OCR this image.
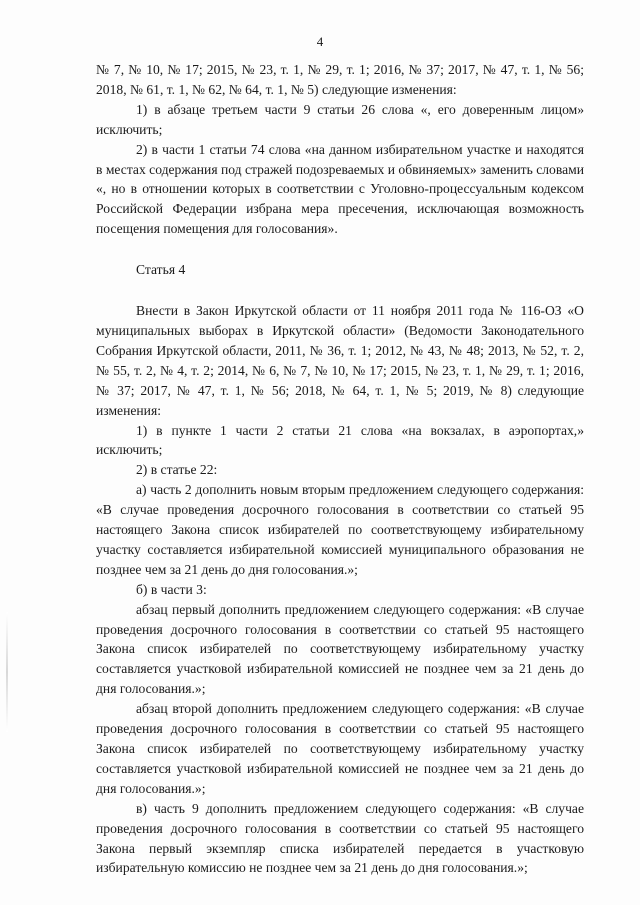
4

№ 7, № 10, № 17; 2015, № 23, т. 1, № 29, т. 1; 2016, № 37; 2017, № 47, т. 1, № 56; 2018, № 61, т. 1, № 62, № 64, т. 1, № 5) следующие изменения:

1) в абзаце третьем части 9 статьи 26 слова «, его доверенным лицом» исключить;

2) в части 1 статьи 74 слова «на данном избирательном участке и находятся в местах содержания под стражей подозреваемых и обвиняемых» заменить словами «, но в отношении которых в соответствии с Уголовно-процессуальным кодексом Российской Федерации избрана мера пресечения, исключающая возможность посещения помещения для голосования».

Статья 4

Внести в Закон Иркутской области от 11 ноября 2011 года № 116-ОЗ «О муниципальных выборах в Иркутской области» (Ведомости Законодательного Собрания Иркутской области, 2011, № 36, т. 1; 2012, № 43, № 48; 2013, № 52, т. 2, № 55, т. 2, № 4, т. 2; 2014, № 6, № 7, № 10, № 17; 2015, № 23, т. 1, № 29, т. 1; 2016, № 37; 2017, № 47, т. 1, № 56; 2018, № 64, т. 1, № 5; 2019, № 8) следующие изменения:

1) в пункте 1 части 2 статьи 21 слова «на вокзалах, в аэропортах,» исключить;

2) в статье 22:

а) часть 2 дополнить новым вторым предложением следующего содержания: «В случае проведения досрочного голосования в соответствии со статьей 95 настоящего Закона список избирателей по соответствующему избирательному участку составляется избирательной комиссией муниципального образования не позднее чем за 21 день до дня голосования.»;

б) в части 3:

абзац первый дополнить предложением следующего содержания: «В случае проведения досрочного голосования в соответствии со статьей 95 настоящего Закона список избирателей по соответствующему избирательному участку составляется участковой избирательной комиссией не позднее чем за 21 день до дня голосования.»;

абзац второй дополнить предложением следующего содержания: «В случае проведения досрочного голосования в соответствии со статьей 95 настоящего Закона список избирателей по соответствующему избирательному участку составляется участковой избирательной комиссией не позднее чем за 21 день до дня голосования.»;

в) часть 9 дополнить предложением следующего содержания: «В случае проведения досрочного голосования в соответствии со статьей 95 настоящего Закона первый экземпляр списка избирателей передается в участковую избирательную комиссию не позднее чем за 21 день до дня голосования.»;
